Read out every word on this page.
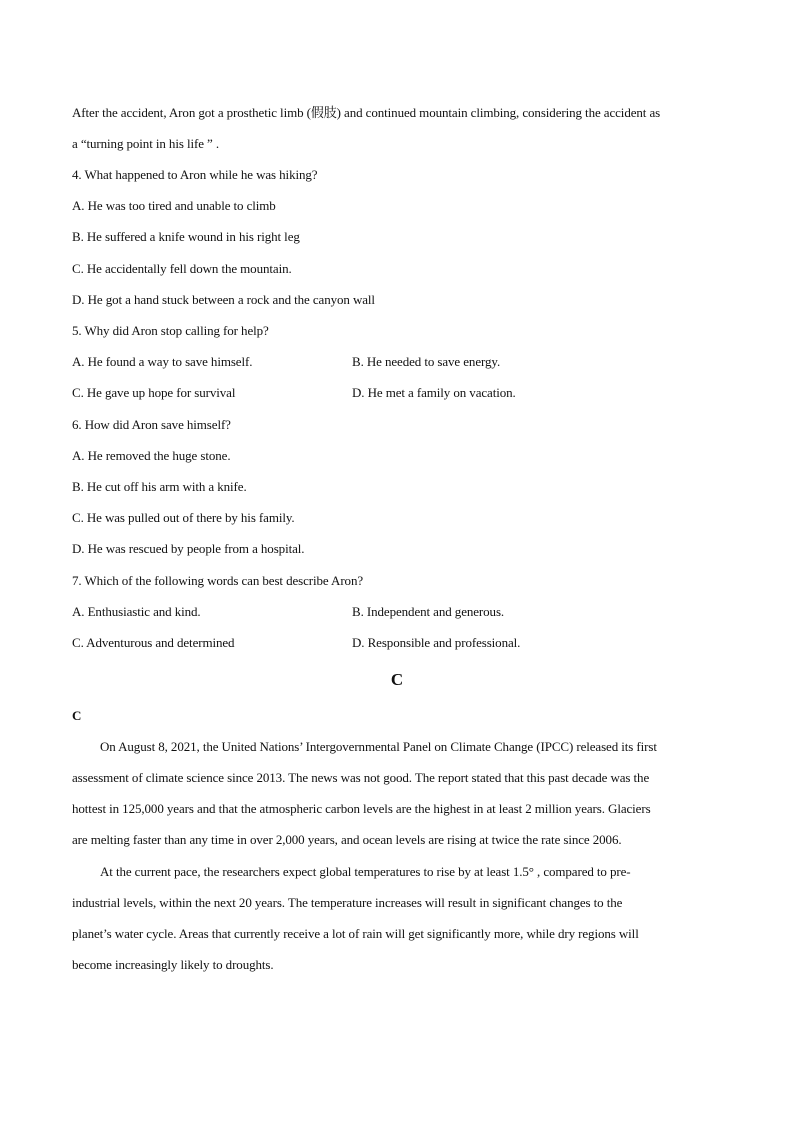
After the accident, Aron got a prosthetic limb (假肢) and continued mountain climbing, considering the accident as
a “turning point in his life ” .
4. What happened to Aron while he was hiking?
A. He was too tired and unable to climb
B. He suffered a knife wound in his right leg
C. He accidentally fell down the mountain.
D. He got a hand stuck between a rock and the canyon wall
5. Why did Aron stop calling for help?
A. He found a way to save himself.	B. He needed to save energy.
C. He gave up hope for survival	D. He met a family on vacation.
6. How did Aron save himself?
A. He removed the huge stone.
B. He cut off his arm with a knife.
C. He was pulled out of there by his family.
D. He was rescued by people from a hospital.
7. Which of the following words can best describe Aron?
A. Enthusiastic and kind.	B. Independent and generous.
C. Adventurous and determined	D. Responsible and professional.
C
C
On August 8, 2021, the United Nations’ Intergovernmental Panel on Climate Change (IPCC) released its first
assessment of climate science since 2013. The news was not good. The report stated that this past decade was the
hottest in 125,000 years and that the atmospheric carbon levels are the highest in at least 2 million years. Glaciers
are melting faster than any time in over 2,000 years, and ocean levels are rising at twice the rate since 2006.
At the current pace, the researchers expect global temperatures to rise by at least 1.5° , compared to pre-
industrial levels, within the next 20 years. The temperature increases will result in significant changes to the
planet’s water cycle. Areas that currently receive a lot of rain will get significantly more, while dry regions will
become increasingly likely to droughts.
